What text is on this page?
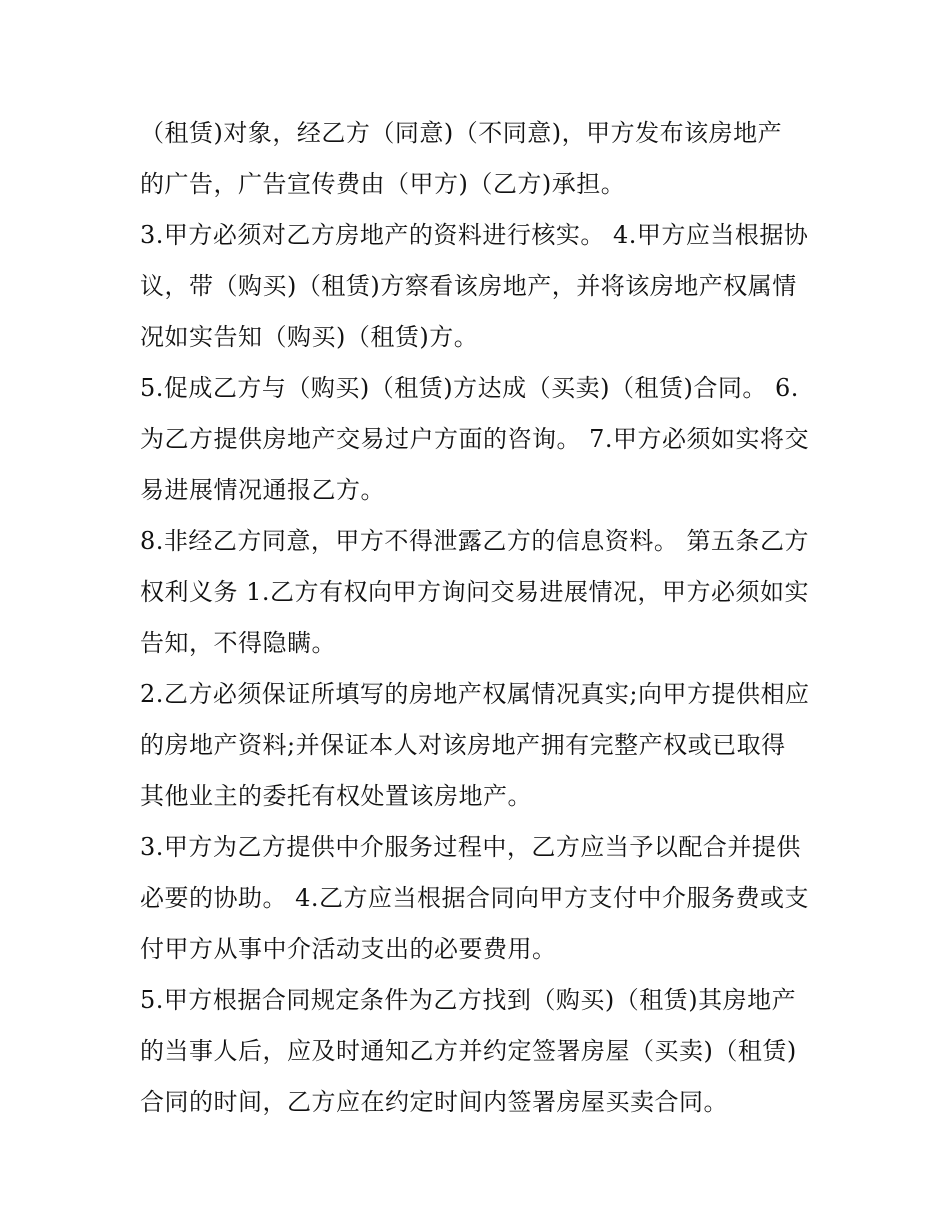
（租赁)对象，经乙方（同意)（不同意)，甲方发布该房地产
的广告，广告宣传费由（甲方)（乙方)承担。
3.甲方必须对乙方房地产的资料进行核实。 4.甲方应当根据协
议，带（购买)（租赁)方察看该房地产，并将该房地产权属情
况如实告知（购买)（租赁)方。
5.促成乙方与（购买)（租赁)方达成（买卖)（租赁)合同。 6.
为乙方提供房地产交易过户方面的咨询。 7.甲方必须如实将交
易进展情况通报乙方。
8.非经乙方同意，甲方不得泄露乙方的信息资料。 第五条乙方
权利义务 1.乙方有权向甲方询问交易进展情况，甲方必须如实
告知，不得隐瞒。
2.乙方必须保证所填写的房地产权属情况真实;向甲方提供相应
的房地产资料;并保证本人对该房地产拥有完整产权或已取得
其他业主的委托有权处置该房地产。
3.甲方为乙方提供中介服务过程中，乙方应当予以配合并提供
必要的协助。 4.乙方应当根据合同向甲方支付中介服务费或支
付甲方从事中介活动支出的必要费用。
5.甲方根据合同规定条件为乙方找到（购买)（租赁)其房地产
的当事人后，应及时通知乙方并约定签署房屋（买卖)（租赁)
合同的时间，乙方应在约定时间内签署房屋买卖合同。
